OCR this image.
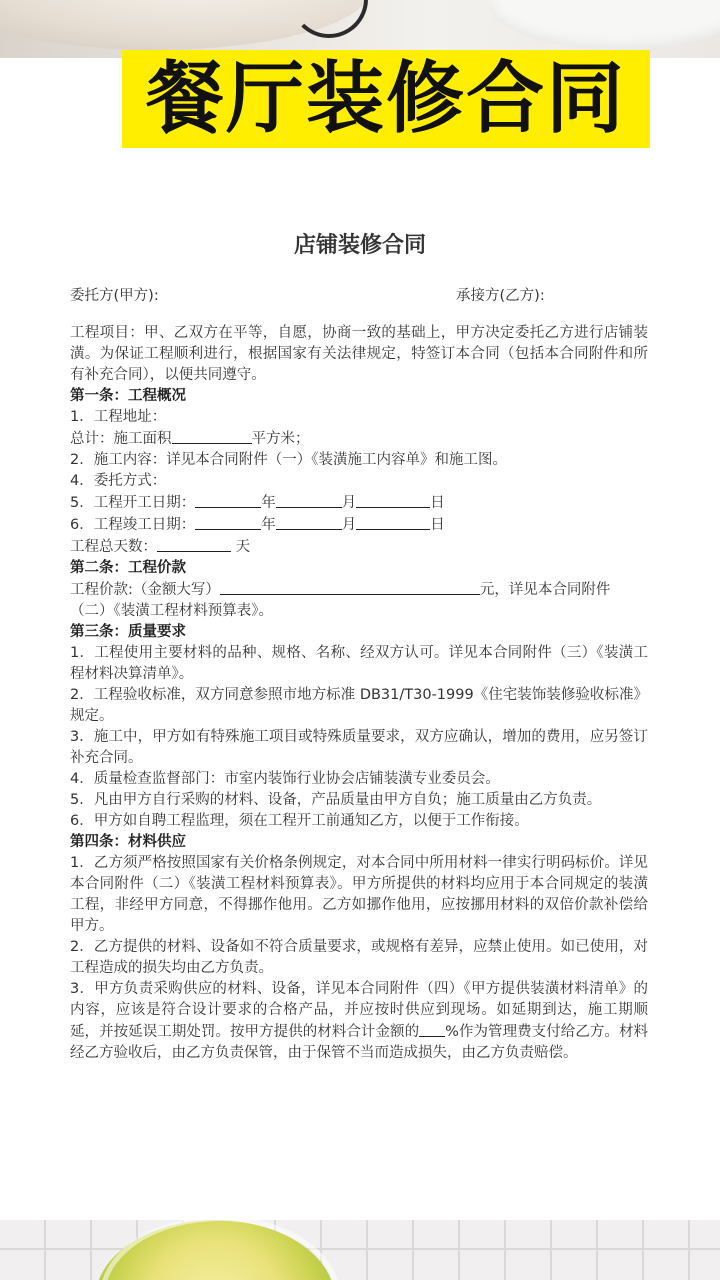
餐厅装修合同
店铺装修合同
委托方(甲方):	承接方(乙方):

工程项目：甲、乙双方在平等，自愿，协商一致的基础上，甲方决定委托乙方进行店铺装潢。为保证工程顺利进行，根据国家有关法律规定，特签订本合同（包括本合同附件和所有补充合同），以便共同遵守。

第一条：工程概况

1．工程地址：

总计：施工面积	平方米；

2．施工内容：详见本合同附件（一）《装潢施工内容单》和施工图。

4．委托方式：

5．工程开工日期：	年	月	日

6．工程竣工日期：	年	月	日

工程总天数：	天

第二条：工程价款

工程价款:（金额大写）	元，详见本合同附件

（二）《装潢工程材料预算表》。

第三条：质量要求

1．工程使用主要材料的品种、规格、名称、经双方认可。详见本合同附件（三）《装潢工程材料决算清单》。

2．工程验收标准，双方同意参照市地方标准 DB31/T30-1999《住宅装饰装修验收标准》规定。

3．施工中，甲方如有特殊施工项目或特殊质量要求，双方应确认，增加的费用，应另签订补充合同。

4．质量检查监督部门：市室内装饰行业协会店铺装潢专业委员会。

5．凡由甲方自行采购的材料、设备，产品质量由甲方自负；施工质量由乙方负责。

6．甲方如自聘工程监理，须在工程开工前通知乙方，以便于工作衔接。

第四条：材料供应

1．乙方须严格按照国家有关价格条例规定，对本合同中所用材料一律实行明码标价。详见本合同附件（二）《装潢工程材料预算表》。甲方所提供的材料均应用于本合同规定的装潢工程，非经甲方同意，不得挪作他用。乙方如挪作他用，应按挪用材料的双倍价款补偿给甲方。

2．乙方提供的材料、设备如不符合质量要求，或规格有差异，应禁止使用。如已使用，对工程造成的损失均由乙方负责。

3．甲方负责采购供应的材料、设备，详见本合同附件（四）《甲方提供装潢材料清单》的内容，应该是符合设计要求的合格产品，并应按时供应到现场。如延期到达，施工期顺延，并按延误工期处罚。按甲方提供的材料合计金额的 %作为管理费支付给乙方。材料经乙方验收后，由乙方负责保管，由于保管不当而造成损失，由乙方负责赔偿。
